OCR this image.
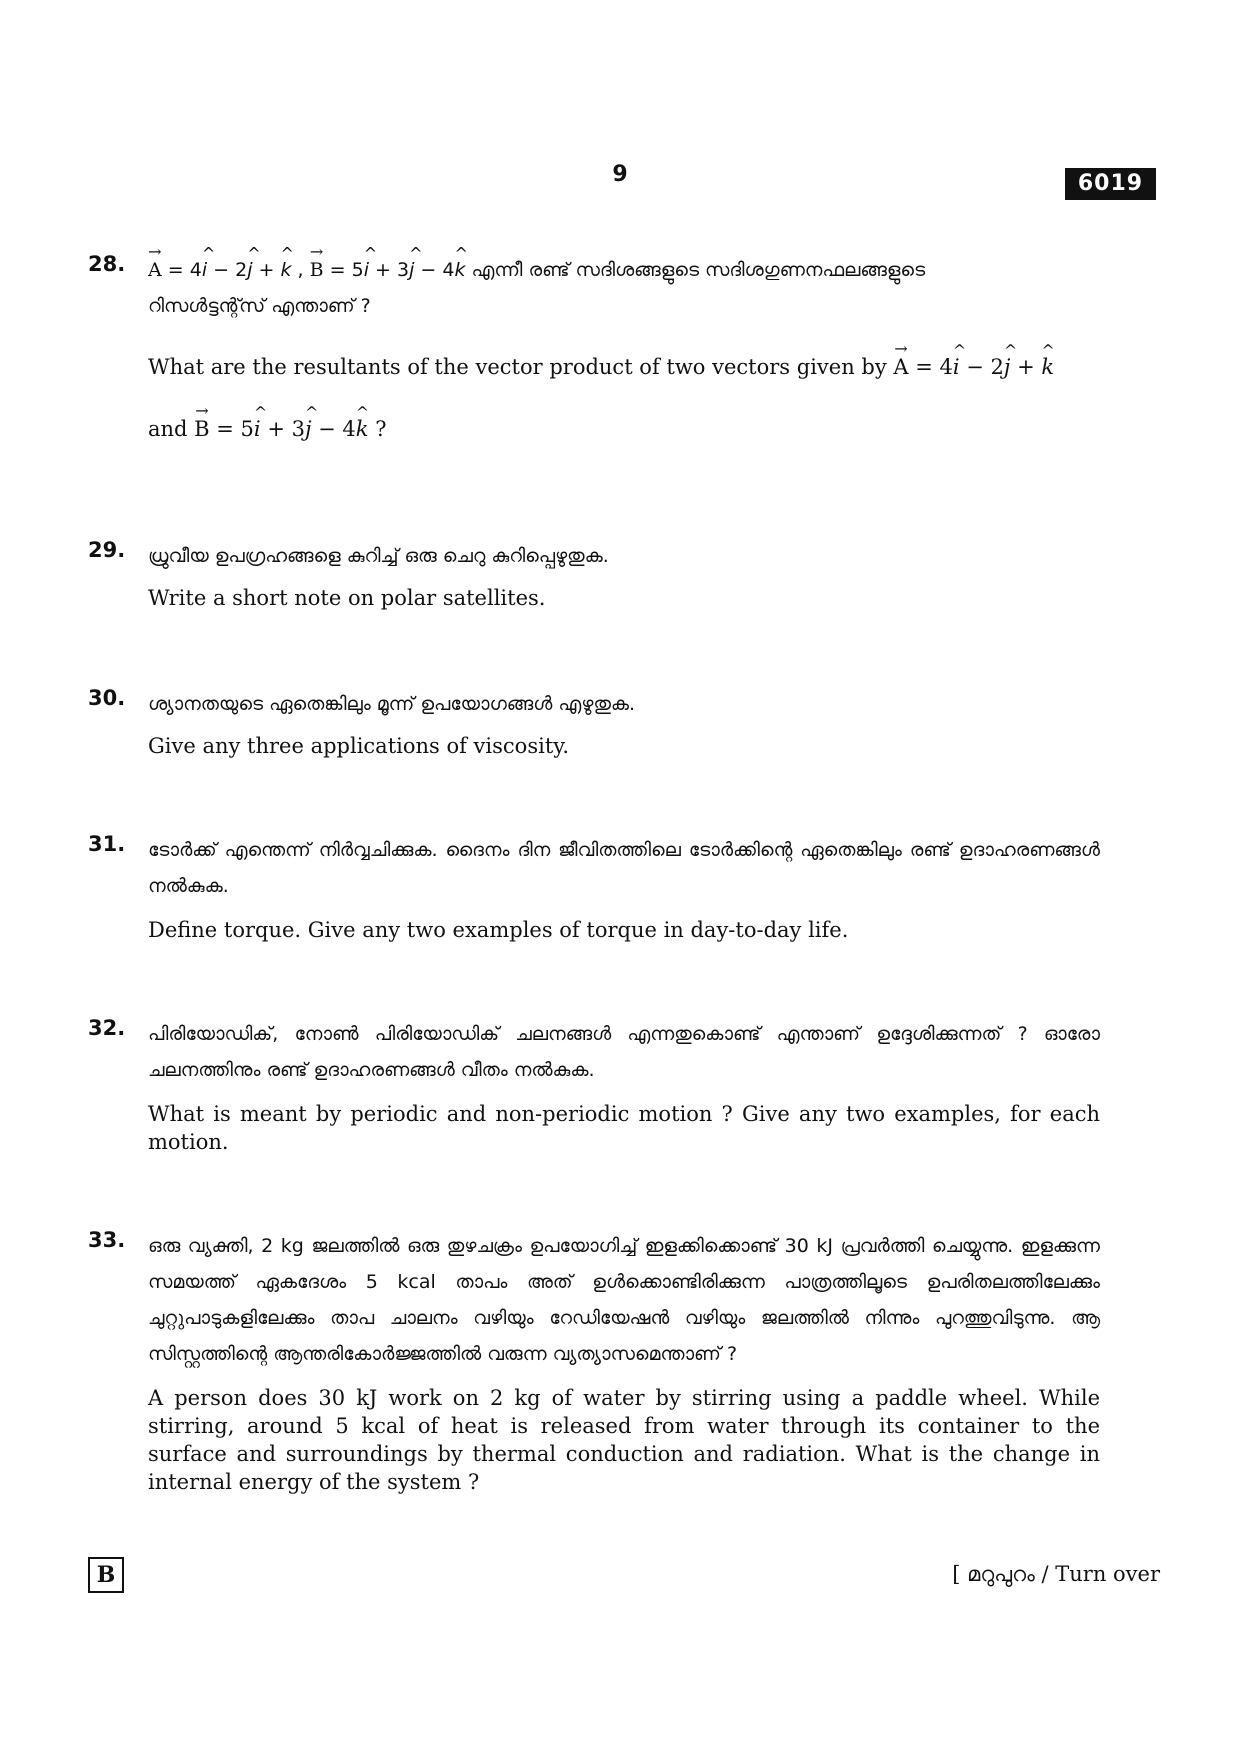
9	6019
28.
→ A = 4^ i − 2^ j + ^ k , → B = 5^ i + 3^ j − 4^ k എന്നീ രണ്ട് സദിശങ്ങളുടെ സദിശഗുണനഫലങ്ങളുടെ
റിസൾട്ടന്റ്സ് എന്താണ് ?
What are the resultants of the vector product of two vectors given by → A = 4^ i − 2^ j + ^ k
and → B = 5^ i + 3^ j − 4^ k ?
29. ധ്രുവീയ ഉപഗ്രഹങ്ങളെ കുറിച്ച് ഒരു ചെറു കുറിപ്പെഴുതുക.
Write a short note on polar satellites.
30. ശ്യാനതയുടെ ഏതെങ്കിലും മൂന്ന് ഉപയോഗങ്ങൾ എഴുതുക.
Give any three applications of viscosity.
31. ടോർക്ക് എന്തെന്ന് നിർവ്വചിക്കുക. ദൈനം ദിന ജീവിതത്തിലെ ടോർക്കിന്റെ ഏതെങ്കിലും രണ്ട് ഉദാഹരണങ്ങൾ നൽകുക.
Define torque. Give any two examples of torque in day-to-day life.
32. പിരിയോഡിക്, നോൺ പിരിയോഡിക് ചലനങ്ങൾ എന്നതുകൊണ്ട് എന്താണ് ഉദ്ദേശിക്കുന്നത് ? ഓരോ ചലനത്തിനും രണ്ട് ഉദാഹരണങ്ങൾ വീതം നൽകുക.
What is meant by periodic and non-periodic motion ? Give any two examples, for each motion.
33. ഒരു വ്യക്തി, 2 kg ജലത്തിൽ ഒരു തുഴചക്രം ഉപയോഗിച്ച് ഇളക്കിക്കൊണ്ട് 30 kJ പ്രവർത്തി ചെയ്യുന്നു. ഇളക്കുന്ന സമയത്ത് ഏകദേശം 5 kcal താപം അത് ഉൾക്കൊണ്ടിരിക്കുന്ന പാത്രത്തിലൂടെ ഉപരിതലത്തിലേക്കും ചുറ്റുപാടുകളിലേക്കും താപ ചാലനം വഴിയും റേഡിയേഷൻ വഴിയും ജലത്തിൽ നിന്നും പുറത്തുവിടുന്നു. ആ സിസ്റ്റത്തിന്റെ ആന്തരികോർജ്ജത്തിൽ വരുന്ന വ്യത്യാസമെന്താണ് ?
A person does 30 kJ work on 2 kg of water by stirring using a paddle wheel. While stirring, around 5 kcal of heat is released from water through its container to the surface and surroundings by thermal conduction and radiation. What is the change in internal energy of the system ?
B	[ മറുപുറം / Turn over
